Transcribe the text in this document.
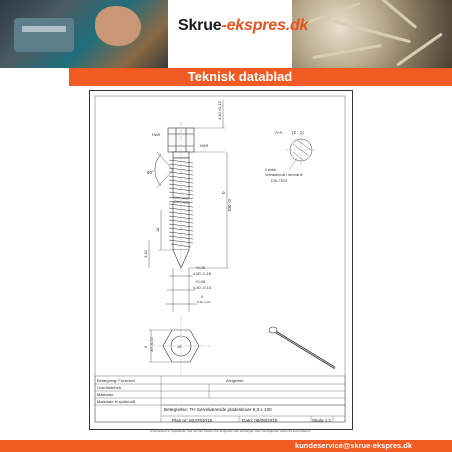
Skrue-ekspres.dk
Teknisk datablad
4,40 ±0,15
HAR
HAR
60°
18
0
100 -3
3,40
+0,05
4,50 -0,16
+0,08
4,80 -0,10
0
6,30 -0,27
0 10 -0,22	10
A-A (2 : 1)
3 striber
Selvskærende i henhold til
DIN 7513
Belægning: Forzinket	Afvigelser
Overfladebeh.
Materiale
Materiale til spidsi-sål
Betegnelse: TH Selvskærende pladeskruer 6,3 x 100
Plan nr: 833781018	Dato: 08/09/2010	Skala 1:1
Dimensioner er vejledende, idet der kan forekomme afvigelser eller ændringer uden forudgående varsel fra leverandøren.
kundeservice@skrue-ekspres.dk
